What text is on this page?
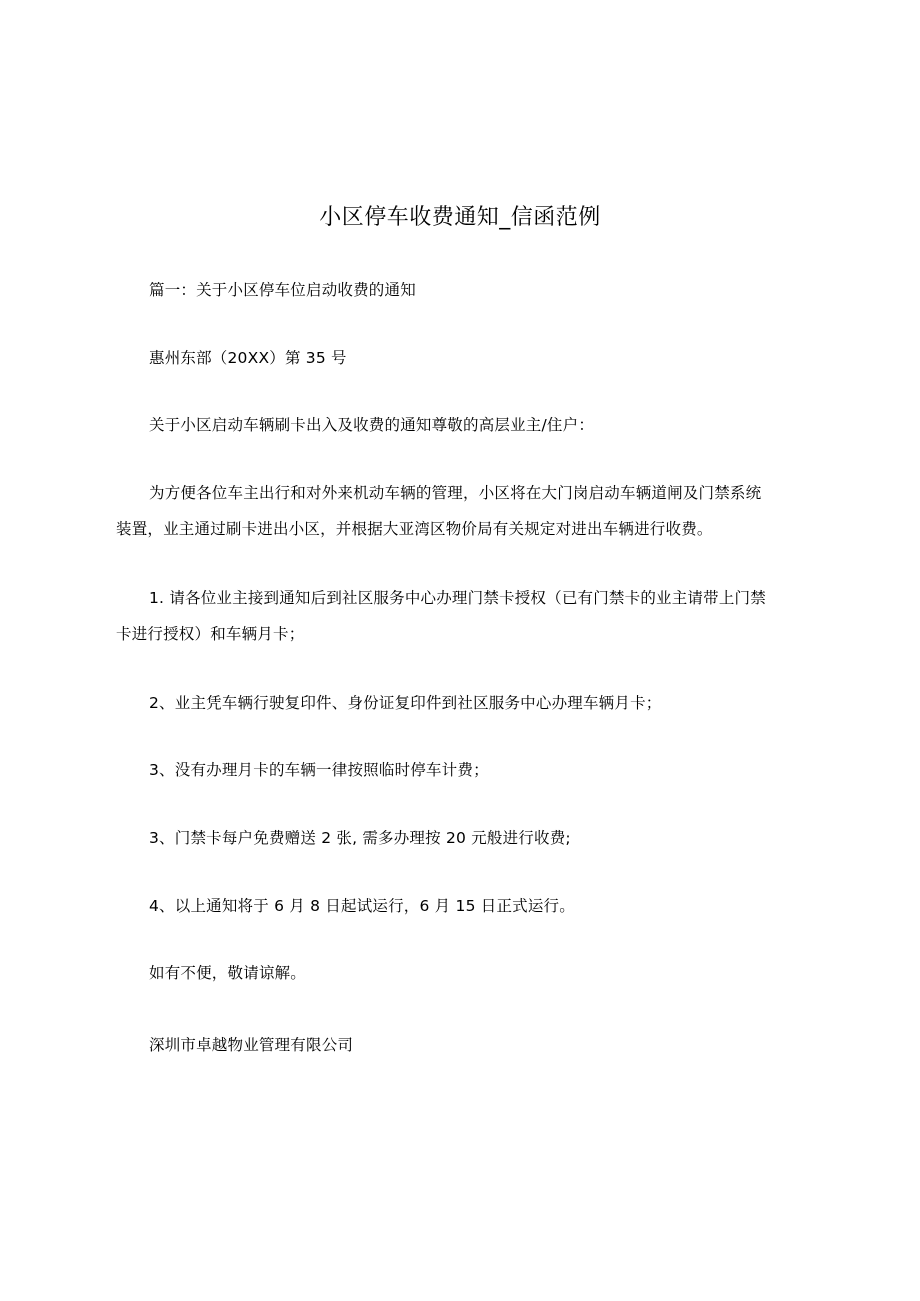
小区停车收费通知_信函范例
篇一：关于小区停车位启动收费的通知
惠州东部（20XX）第 35 号
关于小区启动车辆刷卡出入及收费的通知尊敬的高层业主/住户：
为方便各位车主出行和对外来机动车辆的管理，小区将在大门岗启动车辆道闸及门禁系统
装置，业主通过刷卡进出小区，并根据大亚湾区物价局有关规定对进出车辆进行收费。
1. 请各位业主接到通知后到社区服务中心办理门禁卡授权（已有门禁卡的业主请带上门禁
卡进行授权）和车辆月卡；
2、业主凭车辆行驶复印件、身份证复印件到社区服务中心办理车辆月卡；
3、没有办理月卡的车辆一律按照临时停车计费；
3、门禁卡每户免费赠送 2 张, 需多办理按 20 元般进行收费;
4、以上通知将于 6 月 8 日起试运行，6 月 15 日正式运行。
如有不便，敬请谅解。
深圳市卓越物业管理有限公司
